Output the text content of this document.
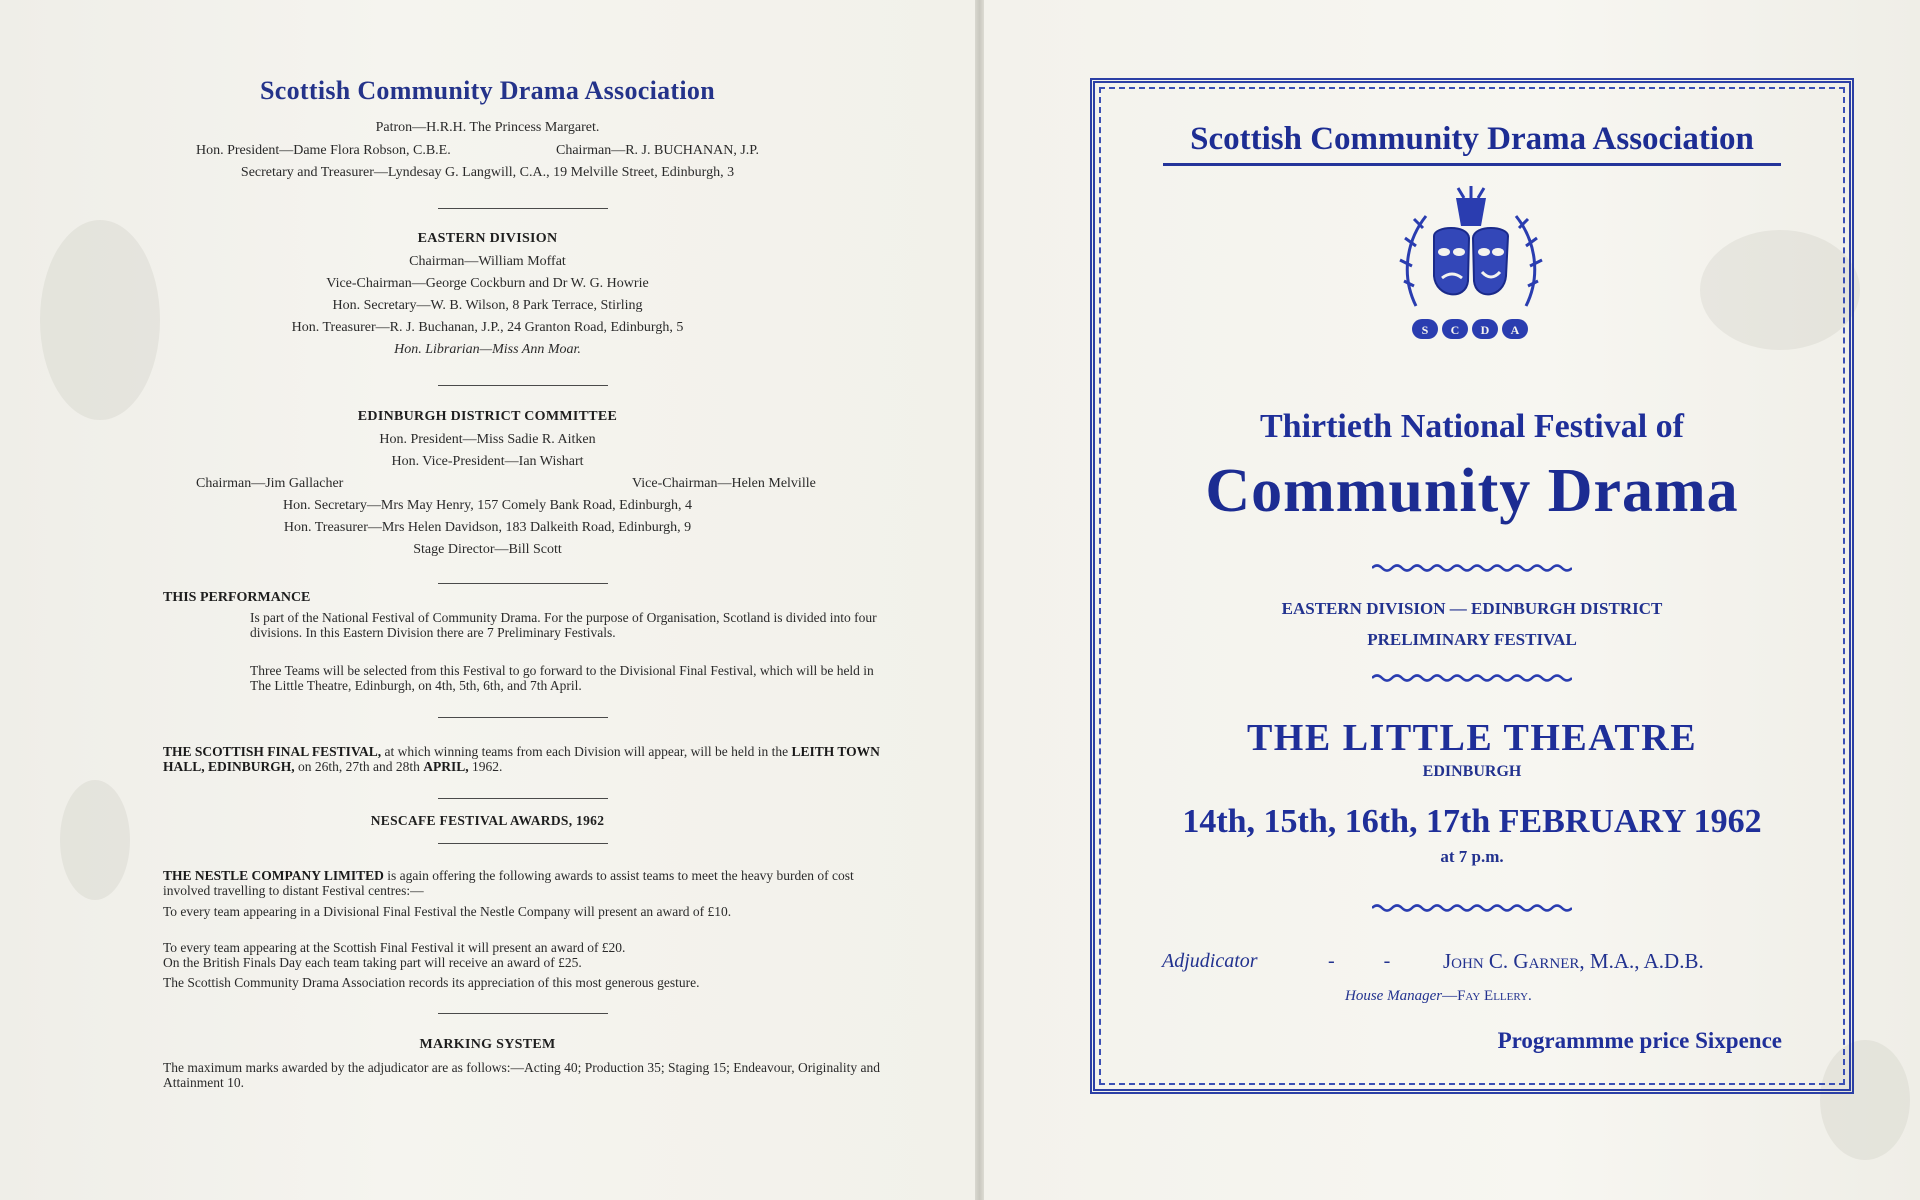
Scottish Community Drama Association
Patron—H.R.H. The Princess Margaret.
Hon. President—Dame Flora Robson, C.B.E.	Chairman—R. J. BUCHANAN, J.P.
Secretary and Treasurer—Lyndesay G. Langwill, C.A., 19 Melville Street, Edinburgh, 3
EASTERN DIVISION
Chairman—William Moffat
Vice-Chairman—George Cockburn and Dr W. G. Howrie
Hon. Secretary—W. B. Wilson, 8 Park Terrace, Stirling
Hon. Treasurer—R. J. Buchanan, J.P., 24 Granton Road, Edinburgh, 5
Hon. Librarian—Miss Ann Moar.
EDINBURGH DISTRICT COMMITTEE
Hon. President—Miss Sadie R. Aitken
Hon. Vice-President—Ian Wishart
Chairman—Jim Gallacher	Vice-Chairman—Helen Melville
Hon. Secretary—Mrs May Henry, 157 Comely Bank Road, Edinburgh, 4
Hon. Treasurer—Mrs Helen Davidson, 183 Dalkeith Road, Edinburgh, 9
Stage Director—Bill Scott
THIS PERFORMANCE
Is part of the National Festival of Community Drama. For the purpose of Organisation, Scotland is divided into four divisions. In this Eastern Division there are 7 Preliminary Festivals.
Three Teams will be selected from this Festival to go forward to the Divisional Final Festival, which will be held in The Little Theatre, Edinburgh, on 4th, 5th, 6th, and 7th April.
THE SCOTTISH FINAL FESTIVAL, at which winning teams from each Division will appear, will be held in the LEITH TOWN HALL, EDINBURGH, on 26th, 27th and 28th APRIL, 1962.
NESCAFE FESTIVAL AWARDS, 1962
THE NESTLE COMPANY LIMITED is again offering the following awards to assist teams to meet the heavy burden of cost involved travelling to distant Festival centres:—
To every team appearing in a Divisional Final Festival the Nestle Company will present an award of £10.
To every team appearing at the Scottish Final Festival it will present an award of £20.
On the British Finals Day each team taking part will receive an award of £25.
The Scottish Community Drama Association records its appreciation of this most generous gesture.
MARKING SYSTEM
The maximum marks awarded by the adjudicator are as follows:—Acting 40; Production 35; Staging 15; Endeavour, Originality and Attainment 10.
Scottish Community Drama Association
S C D A
Thirtieth National Festival of
Community Drama
EASTERN DIVISION — EDINBURGH DISTRICT
PRELIMINARY FESTIVAL
THE LITTLE THEATRE
EDINBURGH
14th, 15th, 16th, 17th FEBRUARY 1962
at 7 p.m.
Adjudicator	- - John C. Garner, M.A., A.D.B.
House Manager—Fay Ellery.
Programmme price Sixpence
